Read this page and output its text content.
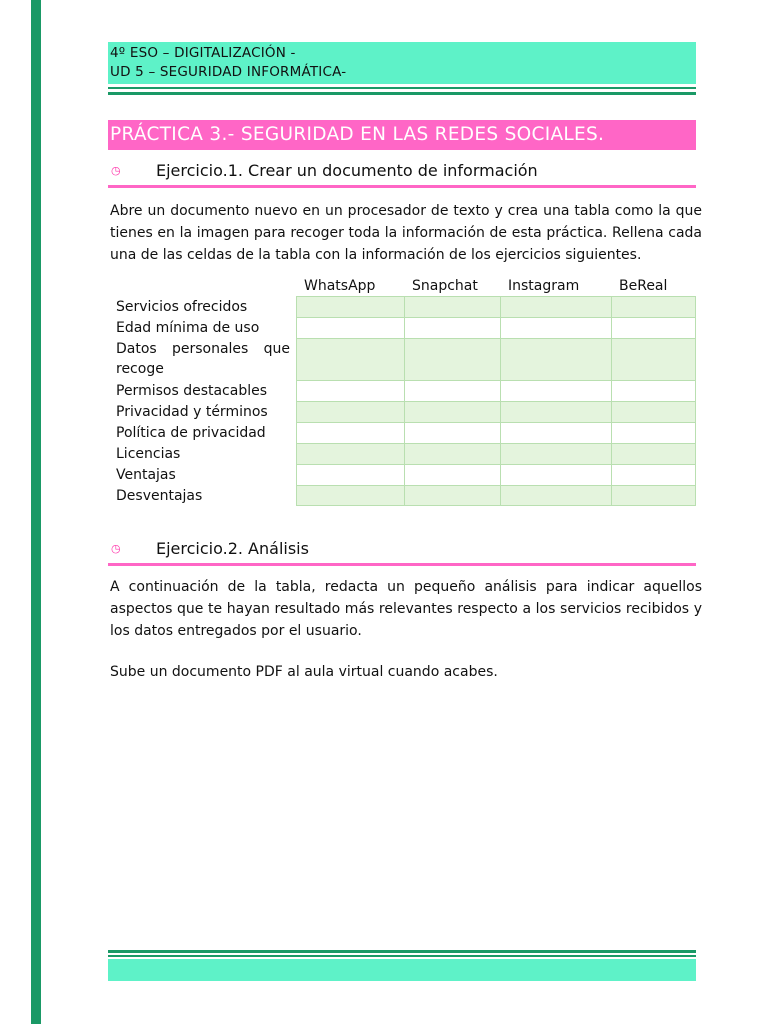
4º ESO – DIGITALIZACIÓN -
UD 5 – SEGURIDAD INFORMÁTICA-
PRÁCTICA 3.- SEGURIDAD EN LAS REDES SOCIALES.
◷ Ejercicio.1. Crear un documento de información
Abre un documento nuevo en un procesador de texto y crea una tabla como la que tienes en la imagen para recoger toda la información de esta práctica. Rellena cada una de las celdas de la tabla con la información de los ejercicios siguientes.
WhatsApp	Snapchat Instagram	BeReal
Servicios ofrecidos
Edad mínima de uso
Datos personales que recoge
Permisos destacables
Privacidad y términos
Política de privacidad
Licencias
Ventajas
Desventajas
◷ Ejercicio.2. Análisis
A continuación de la tabla, redacta un pequeño análisis para indicar aquellos aspectos que te hayan resultado más relevantes respecto a los servicios recibidos y los datos entregados por el usuario.
Sube un documento PDF al aula virtual cuando acabes.
